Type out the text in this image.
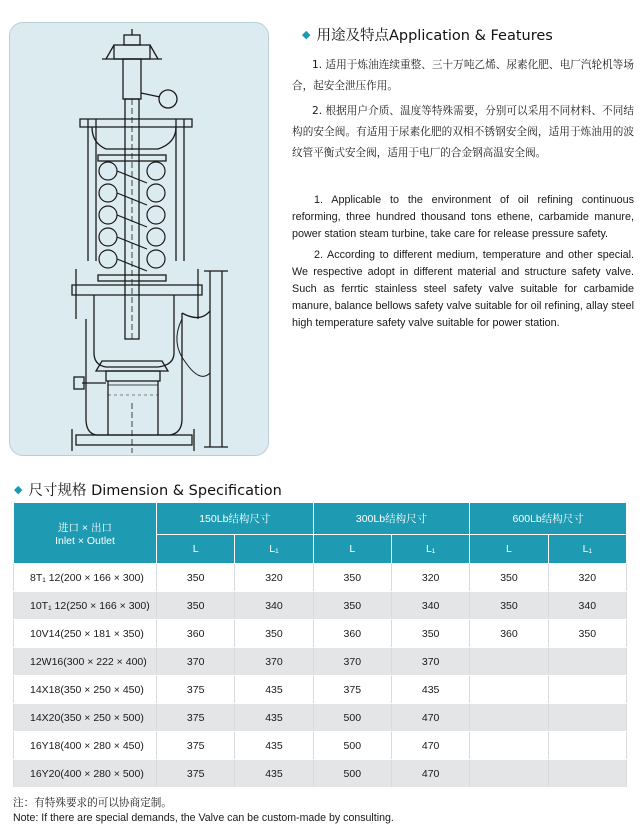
◆ 用途及特点Application & Features

1. 适用于炼油连续重整、三十万吨乙烯、尿素化肥、电厂汽轮机等场合，起安全泄压作用。

2. 根据用户介质、温度等特殊需要，分别可以采用不同材料、不同结构的安全阀。有适用于尿素化肥的双相不锈钢安全阀，适用于炼油用的波纹管平衡式安全阀，适用于电厂的合金钢高温安全阀。

1. Applicable to the environment of oil refining continuous reforming, three hundred thousand tons ethene, carbamide manure, power station steam turbine, take care for release pressure safety.

2. According to different medium, temperature and other special. We respective adopt in different material and structure safety valve. Such as ferrtic stainless steel safety valve suitable for carbamide manure, balance bellows safety valve suitable for oil refining, allay steel high temperature safety valve suitable for power station.

◆ 尺寸规格 Dimension & Specification
进口 × 出口
Inlet × Outlet	150Lb结构尺寸		300Lb结构尺寸		600Lb结构尺寸	
	L	L₁	L	L₁	L	L₁
8T₁ 12(200 × 166 × 300)	350	320	350	320	350	320
10T₁ 12(250 × 166 × 300)	350	340	350	340	350	340
10V14(250 × 181 × 350)	360	350	360	350	360	350
12W16(300 × 222 × 400)	370	370	370	370		
14X18(350 × 250 × 450)	375	435	375	435		
14X20(350 × 250 × 500)	375	435	500	470		
16Y18(400 × 280 × 450)	375	435	500	470		
16Y20(400 × 280 × 500)	375	435	500	470		
注：有特殊要求的可以协商定制。
Note: If there are special demands, the Valve can be custom-made by consulting.
